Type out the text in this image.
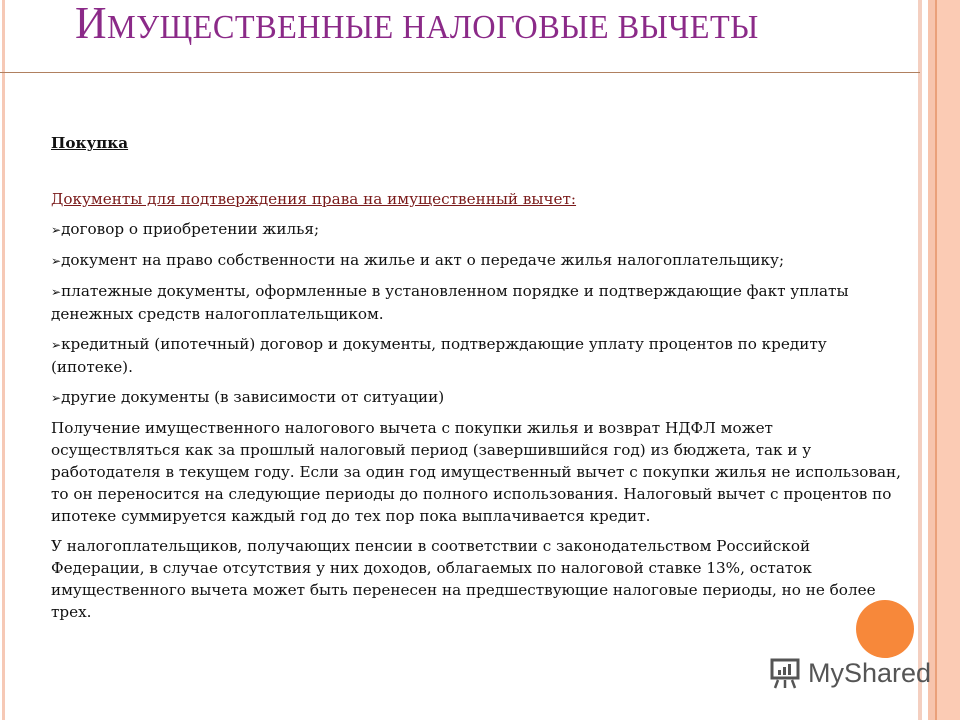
ИМУЩЕСТВЕННЫЕ НАЛОГОВЫЕ ВЫЧЕТЫ
Покупка
Документы для подтверждения права на имущественный вычет:
➢договор о приобретении жилья;
➢документ на право собственности на жилье и акт о передаче жилья налогоплательщику;
➢платежные документы, оформленные в установленном порядке и подтверждающие факт уплаты денежных средств налогоплательщиком.
➢кредитный (ипотечный) договор и документы, подтверждающие уплату процентов по кредиту (ипотеке).
➢другие документы (в зависимости от ситуации)

Получение имущественного налогового вычета с покупки жилья и возврат НДФЛ может осуществляться как за прошлый налоговый период (завершившийся год) из бюджета, так и у работодателя в текущем году. Если за один год имущественный вычет с покупки жилья не использован, то он переносится на следующие периоды до полного использования. Налоговый вычет с процентов по ипотеке суммируется каждый год до тех пор пока выплачивается кредит.

У налогоплательщиков, получающих пенсии в соответствии с законодательством Российской Федерации, в случае отсутствия у них доходов, облагаемых по налоговой ставке 13%, остаток имущественного вычета может быть перенесен на предшествующие налоговые периоды, но не более трех.

MyShared
